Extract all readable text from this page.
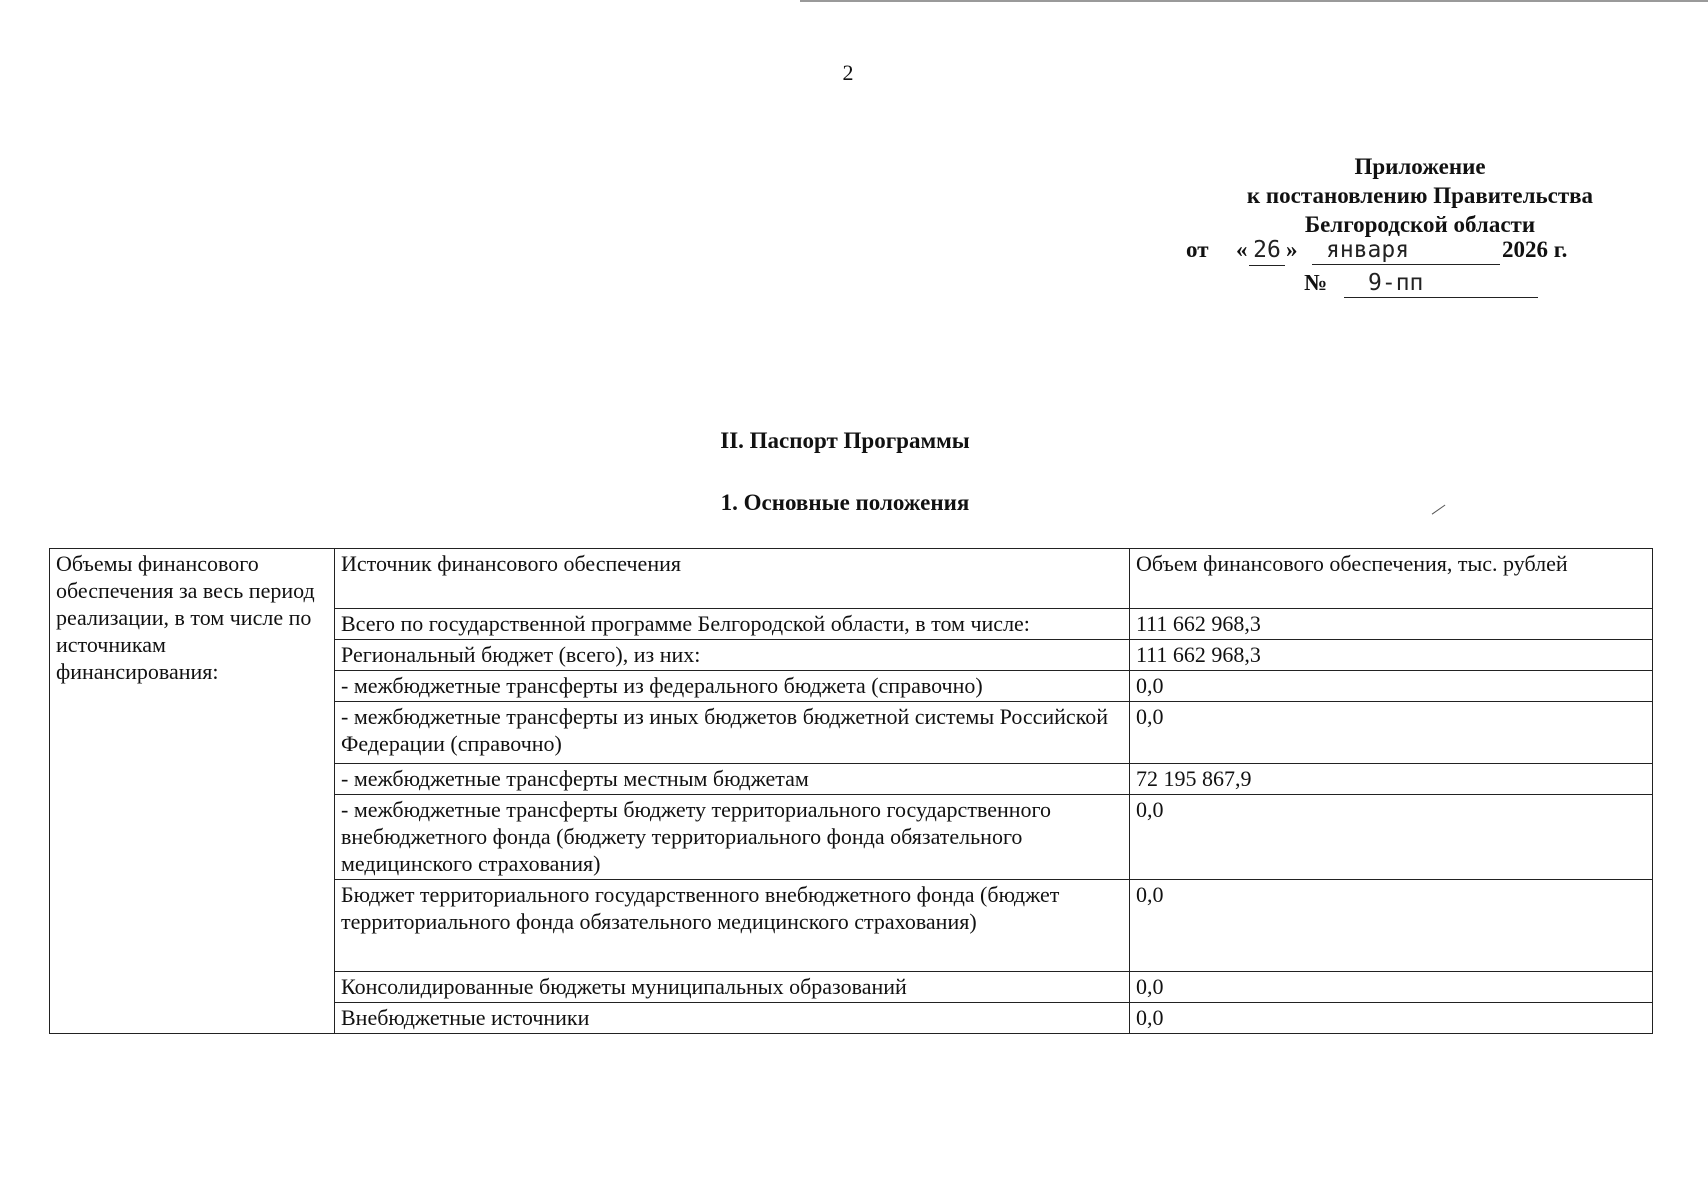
2
Приложение
к постановлению Правительства
Белгородской области
от « 26 »	января	2026 г.
№	9-пп
II. Паспорт Программы
1. Основные положения
Объемы финансового обеспечения за весь период реализации, в том числе по источникам финансирования:	Источник финансового обеспечения	Объем финансового обеспечения, тыс. рублей
	Всего по государственной программе Белгородской области, в том числе:	111 662 968,3
	Региональный бюджет (всего), из них:	111 662 968,3
	- межбюджетные трансферты из федерального бюджета (справочно)	0,0
	- межбюджетные трансферты из иных бюджетов бюджетной системы Российской Федерации (справочно)	0,0
	- межбюджетные трансферты местным бюджетам	72 195 867,9
	- межбюджетные трансферты бюджету территориального государственного внебюджетного фонда (бюджету территориального фонда обязательного медицинского страхования)	0,0
	Бюджет территориального государственного внебюджетного фонда (бюджет территориального фонда обязательного медицинского страхования)	0,0
	Консолидированные бюджеты муниципальных образований	0,0
	Внебюджетные источники	0,0
